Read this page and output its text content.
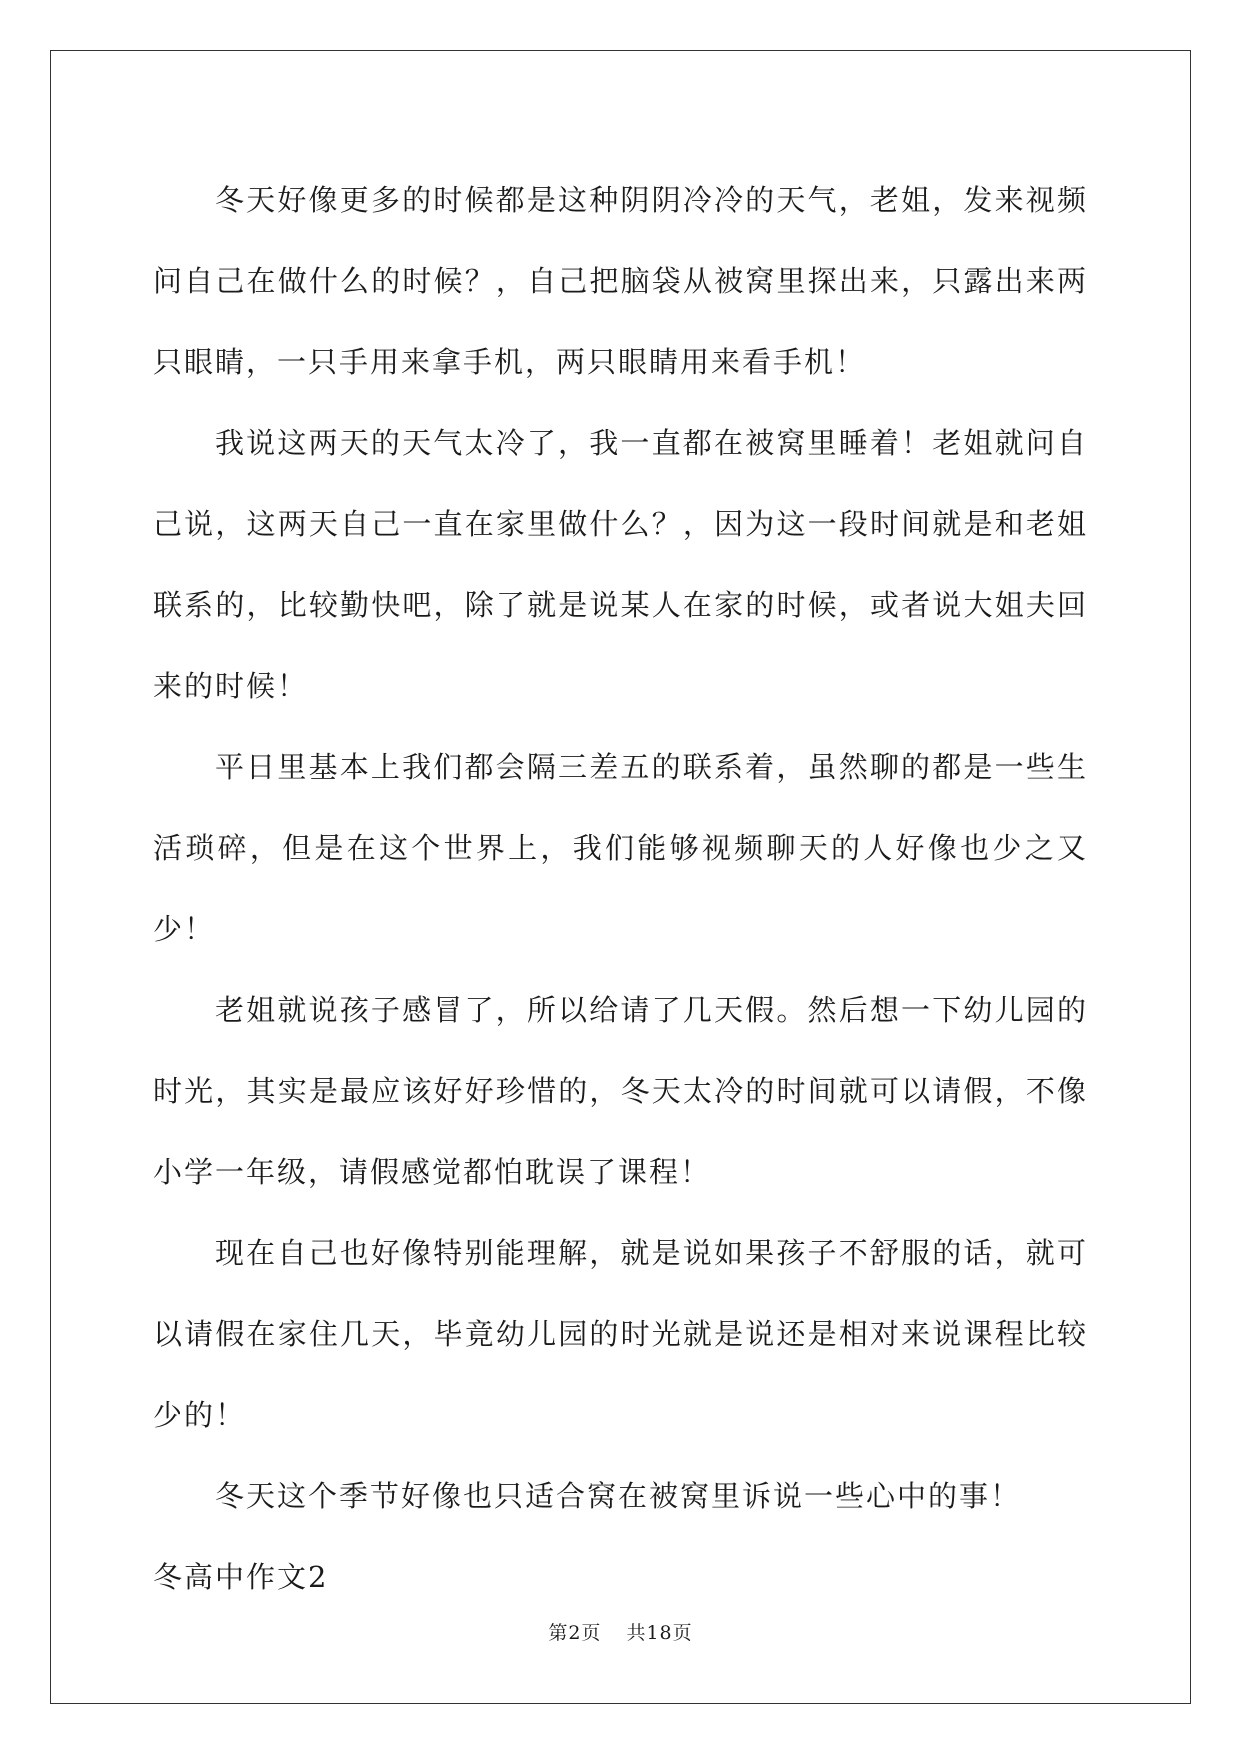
冬天好像更多的时候都是这种阴阴冷冷的天气，老姐，发来视频问自己在做什么的时候？，自己把脑袋从被窝里探出来，只露出来两只眼睛，一只手用来拿手机，两只眼睛用来看手机！

我说这两天的天气太冷了，我一直都在被窝里睡着！老姐就问自己说，这两天自己一直在家里做什么？，因为这一段时间就是和老姐联系的，比较勤快吧，除了就是说某人在家的时候，或者说大姐夫回来的时候！

平日里基本上我们都会隔三差五的联系着，虽然聊的都是一些生活琐碎，但是在这个世界上，我们能够视频聊天的人好像也少之又少！

老姐就说孩子感冒了，所以给请了几天假。然后想一下幼儿园的时光，其实是最应该好好珍惜的，冬天太冷的时间就可以请假，不像小学一年级，请假感觉都怕耽误了课程！

现在自己也好像特别能理解，就是说如果孩子不舒服的话，就可以请假在家住几天，毕竟幼儿园的时光就是说还是相对来说课程比较少的！

冬天这个季节好像也只适合窝在被窝里诉说一些心中的事！

冬高中作文2

第2页 共18页
